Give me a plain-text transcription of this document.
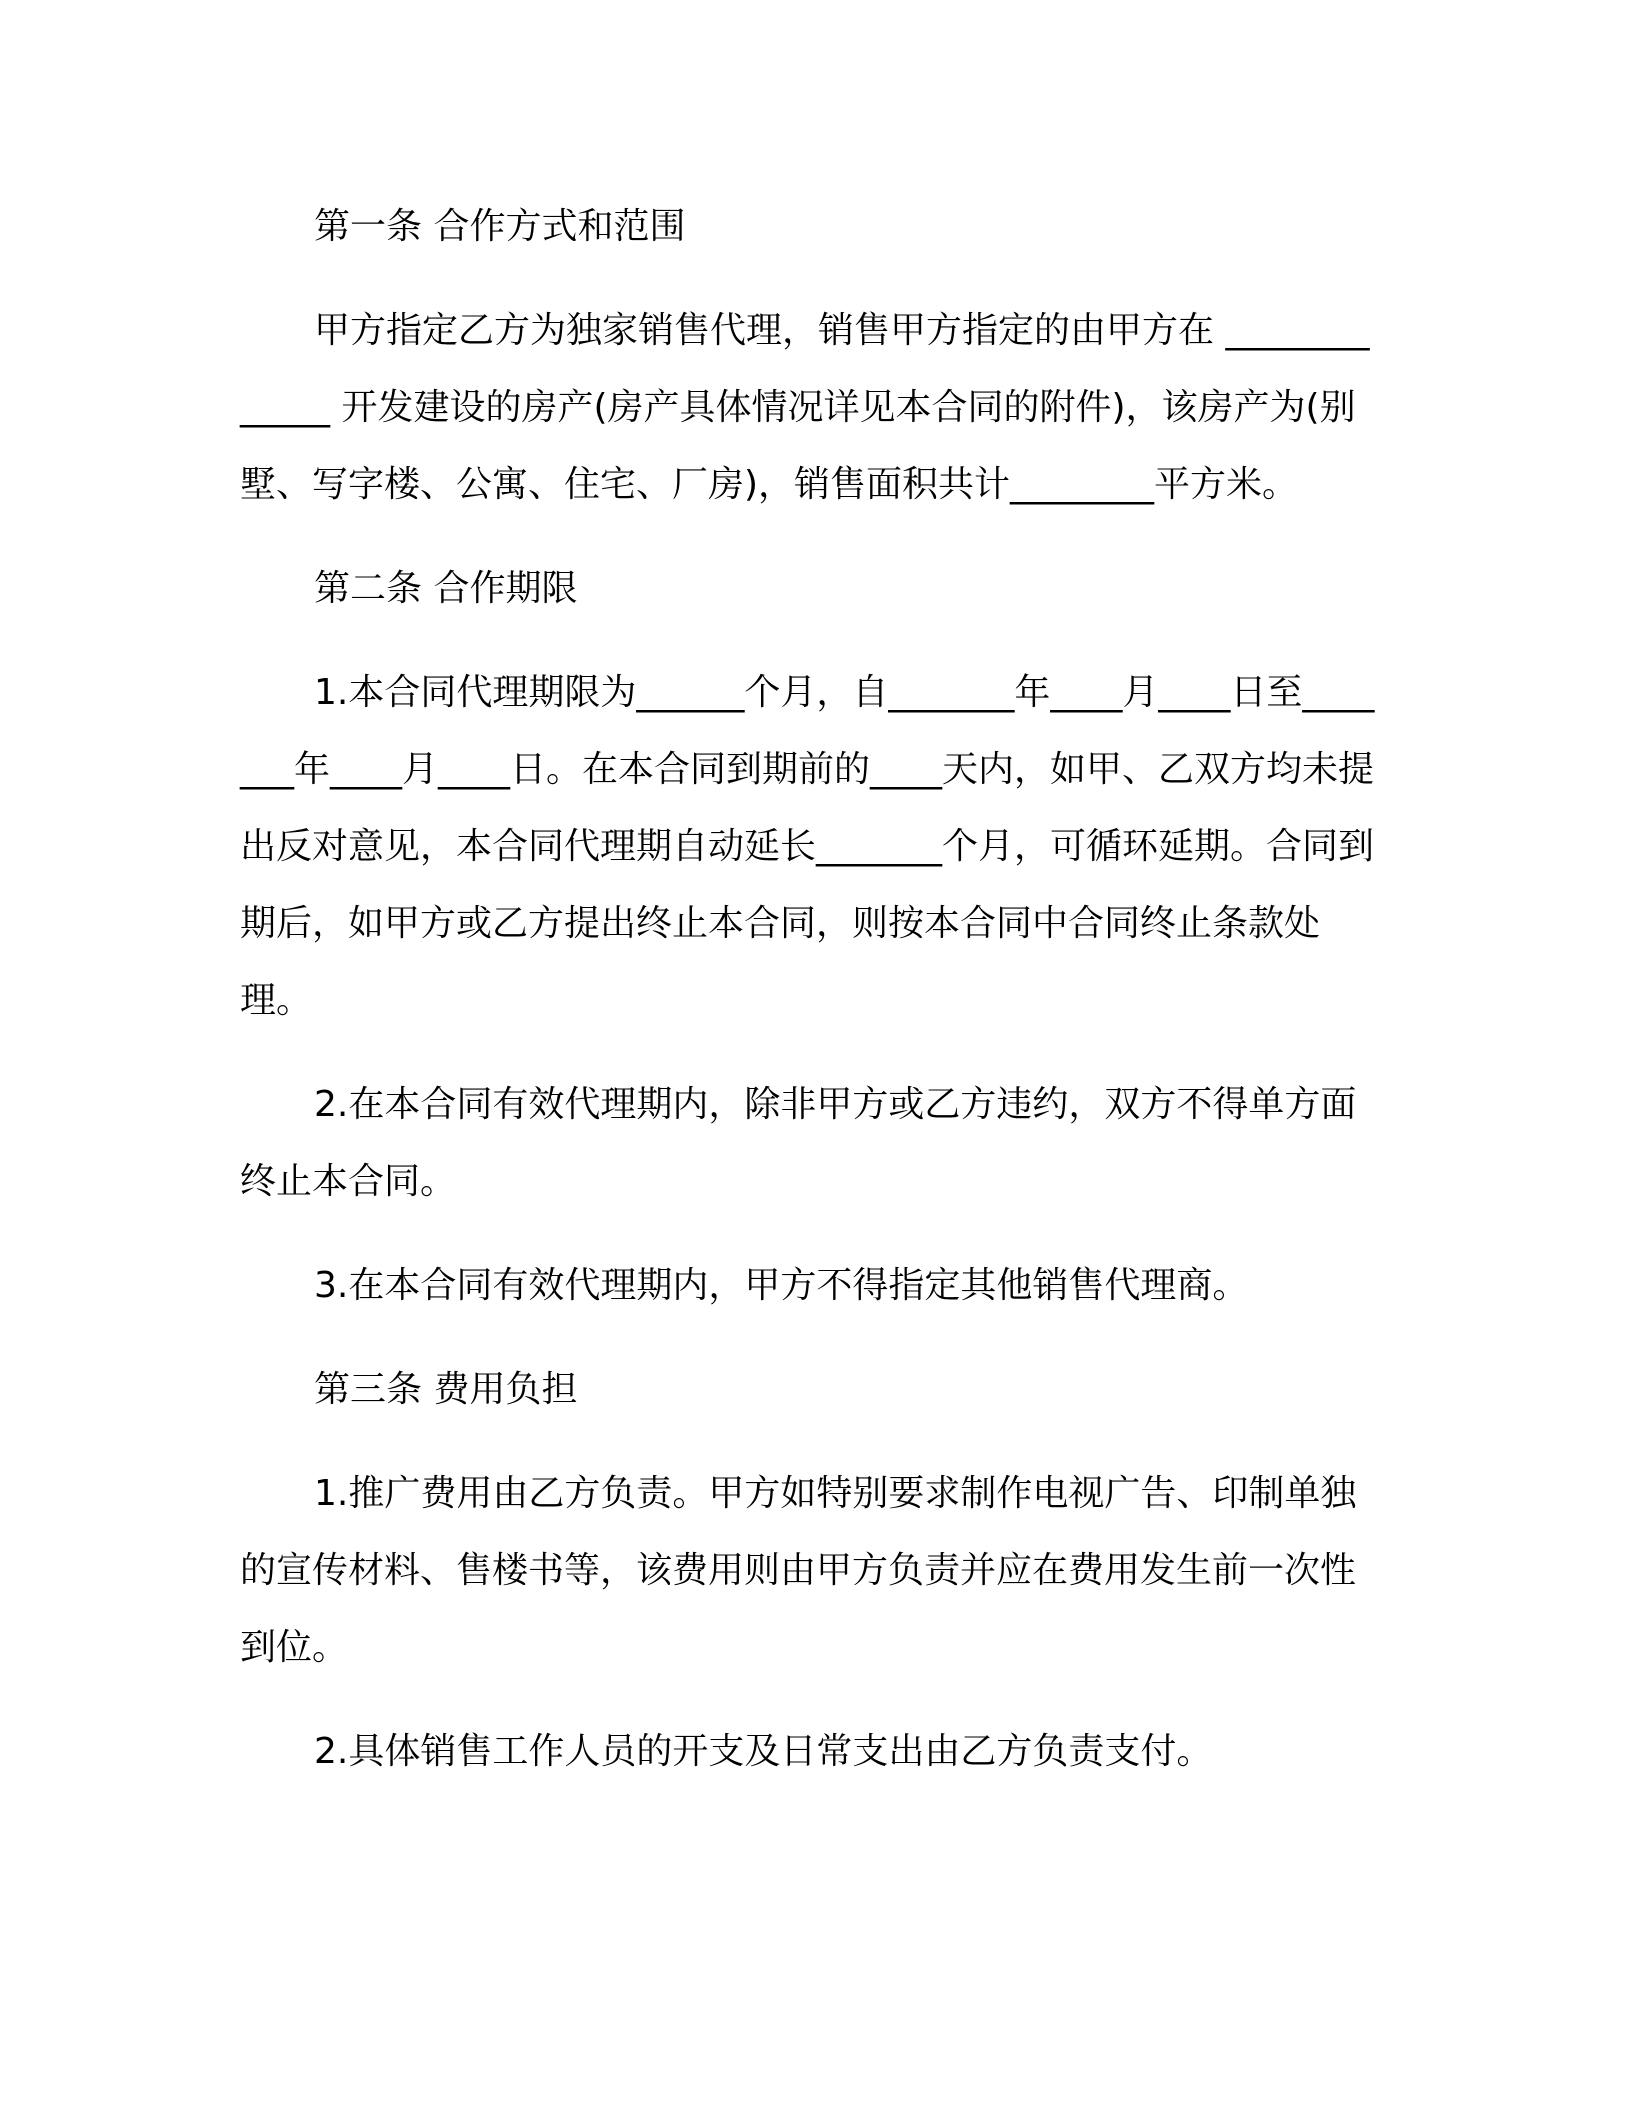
第一条 合作方式和范围

甲方指定乙方为独家销售代理，销售甲方指定的由甲方在 _____________ 开发建设的房产(房产具体情况详见本合同的附件)，该房产为(别墅、写字楼、公寓、住宅、厂房)，销售面积共计________平方米。

第二条 合作期限

1.本合同代理期限为______个月，自_______年____月____日至_______年____月____日。在本合同到期前的____天内，如甲、乙双方均未提出反对意见，本合同代理期自动延长_______个月，可循环延期。合同到期后，如甲方或乙方提出终止本合同，则按本合同中合同终止条款处理。

2.在本合同有效代理期内，除非甲方或乙方违约，双方不得单方面终止本合同。

3.在本合同有效代理期内，甲方不得指定其他销售代理商。

第三条 费用负担

1.推广费用由乙方负责。甲方如特别要求制作电视广告、印制单独的宣传材料、售楼书等，该费用则由甲方负责并应在费用发生前一次性到位。

2.具体销售工作人员的开支及日常支出由乙方负责支付。
